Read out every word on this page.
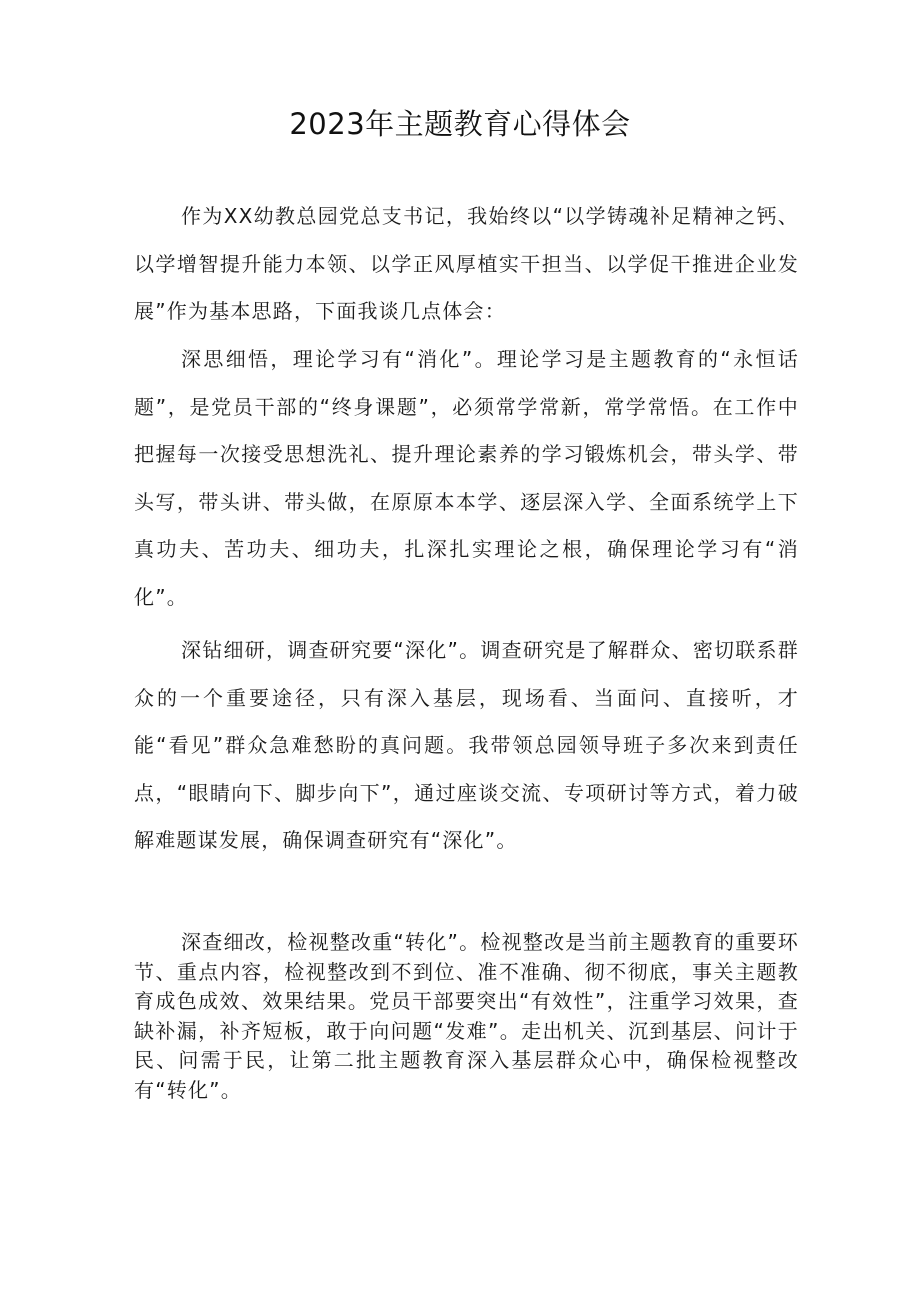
2023年主题教育心得体会

作为XX幼教总园党总支书记，我始终以“以学铸魂补足精神之钙、以学增智提升能力本领、以学正风厚植实干担当、以学促干推进企业发展”作为基本思路，下面我谈几点体会：

深思细悟，理论学习有“消化”。理论学习是主题教育的“永恒话题”，是党员干部的“终身课题”，必须常学常新，常学常悟。在工作中把握每一次接受思想洗礼、提升理论素养的学习锻炼机会，带头学、带头写，带头讲、带头做，在原原本本学、逐层深入学、全面系统学上下真功夫、苦功夫、细功夫，扎深扎实理论之根，确保理论学习有“消化”。

深钻细研，调查研究要“深化”。调查研究是了解群众、密切联系群众的一个重要途径，只有深入基层，现场看、当面问、直接听，才能“看见”群众急难愁盼的真问题。我带领总园领导班子多次来到责任点，“眼睛向下、脚步向下”，通过座谈交流、专项研讨等方式，着力破解难题谋发展，确保调查研究有“深化”。

深查细改，检视整改重“转化”。检视整改是当前主题教育的重要环节、重点内容，检视整改到不到位、准不准确、彻不彻底，事关主题教育成色成效、效果结果。党员干部要突出“有效性”，注重学习效果，查缺补漏，补齐短板，敢于向问题“发难”。走出机关、沉到基层、问计于民、问需于民，让第二批主题教育深入基层群众心中，确保检视整改有“转化”。
